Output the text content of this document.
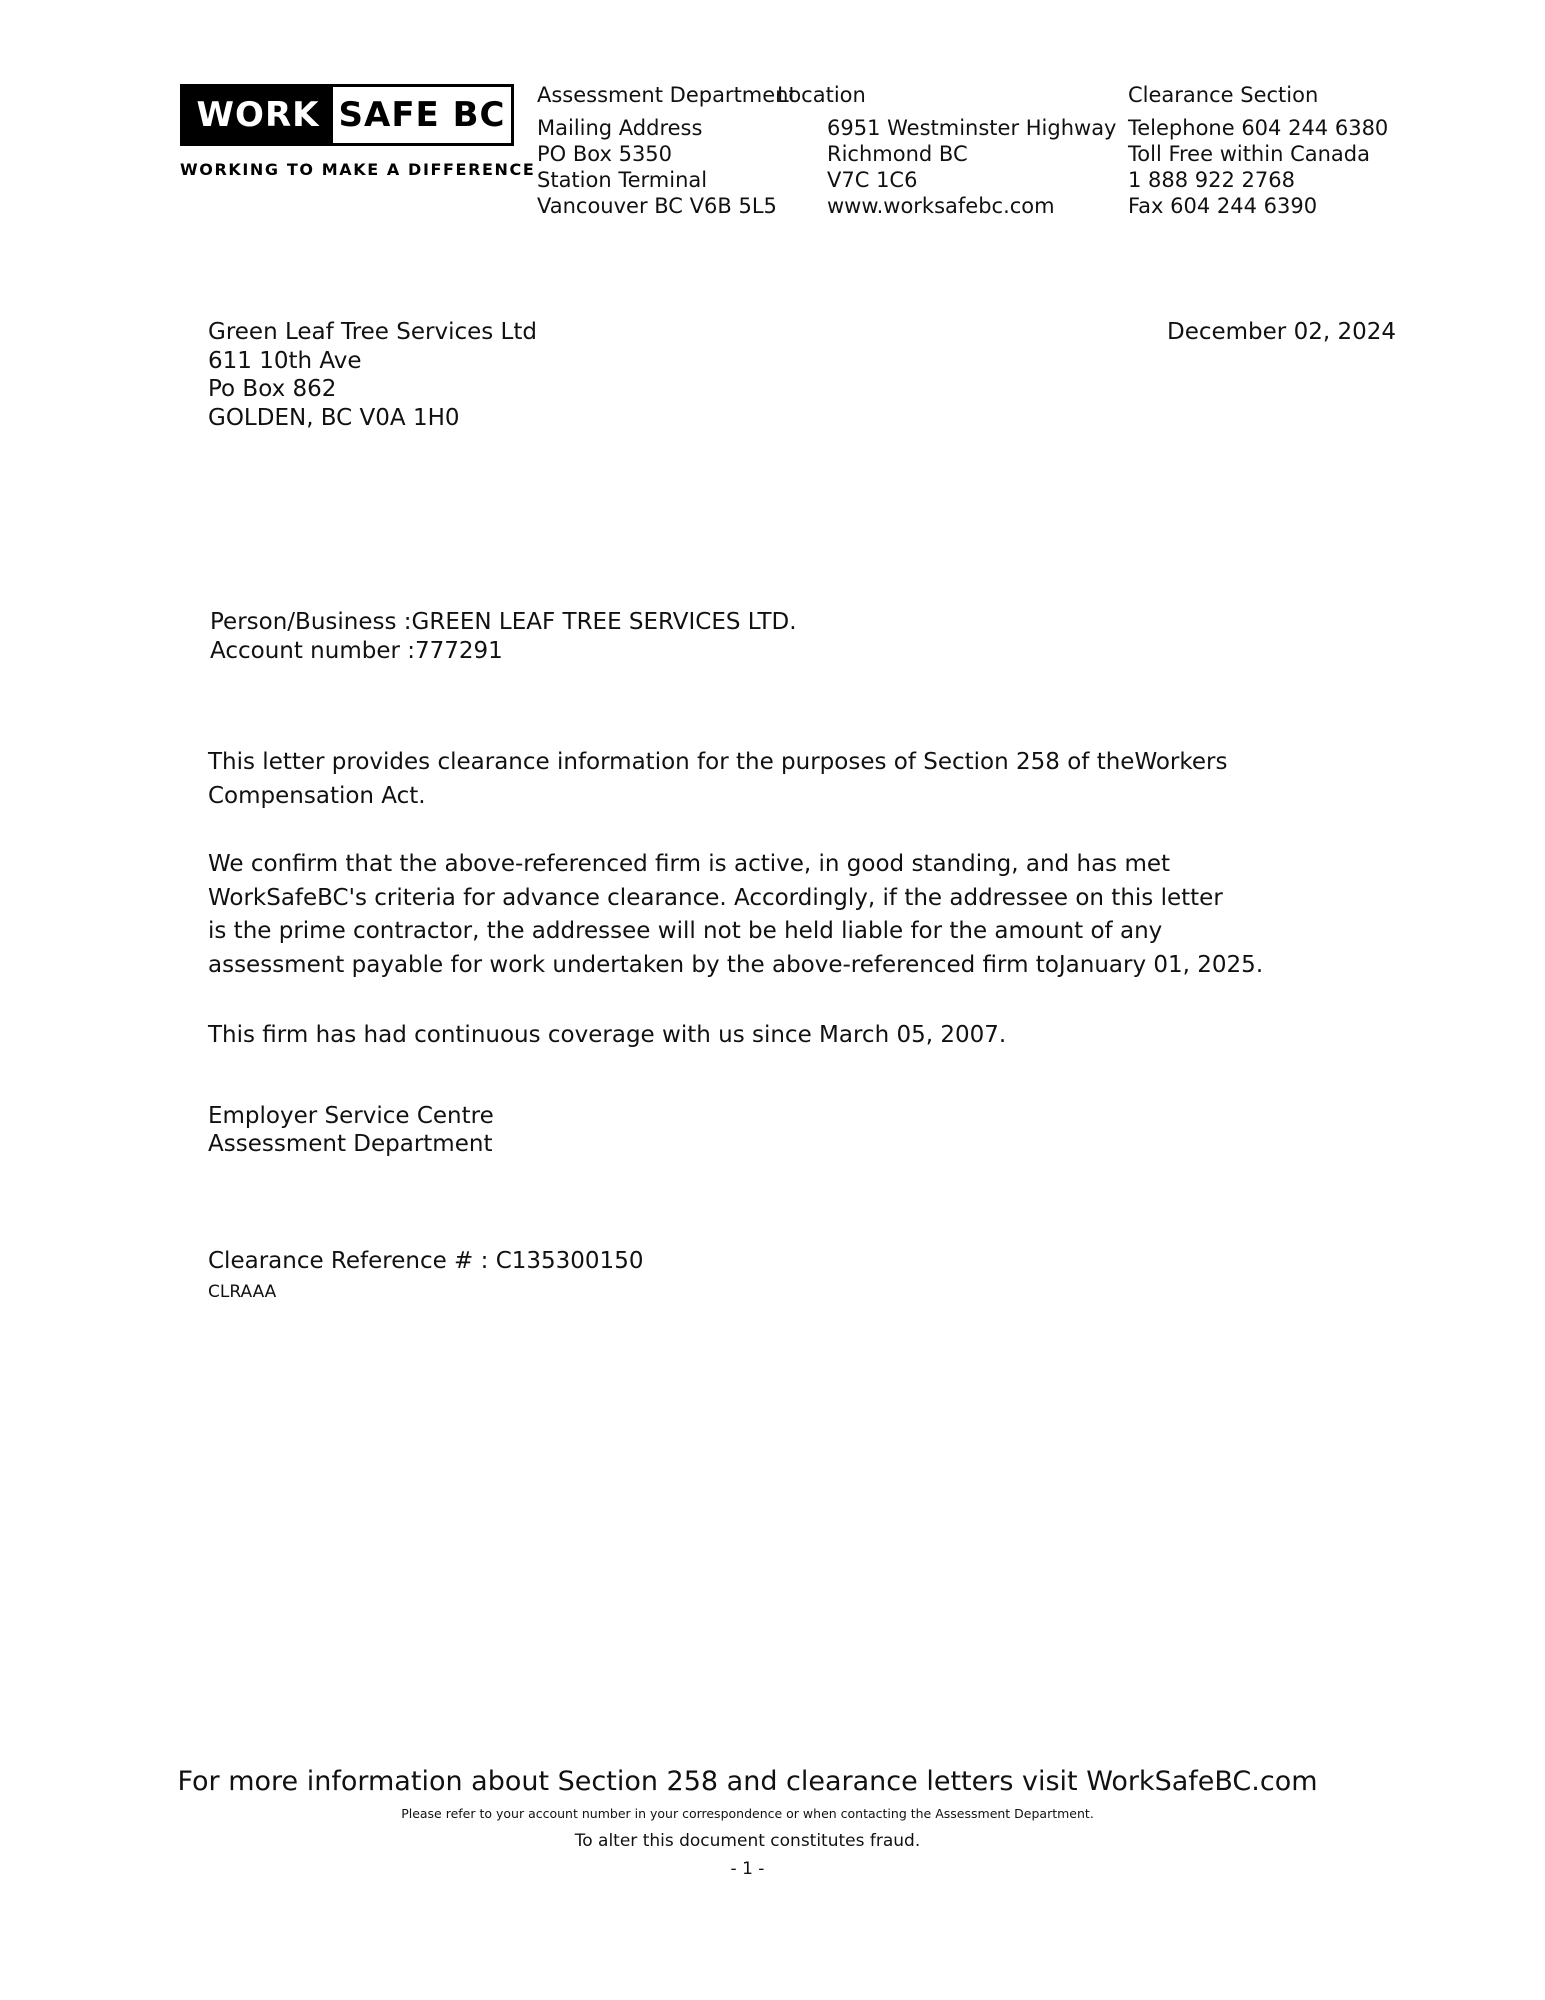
WORK SAFE BC
WORKING TO MAKE A DIFFERENCE
Assessment Department
Location	Clearance Section
Mailing Address
PO Box 5350
Station Terminal
Vancouver BC V6B 5L5
6951 Westminster Highway
Richmond BC
V7C 1C6
www.worksafebc.com
Telephone 604 244 6380
Toll Free within Canada
1 888 922 2768
Fax 604 244 6390
Green Leaf Tree Services Ltd
611 10th Ave
Po Box 862
GOLDEN, BC V0A 1H0
December 02, 2024
Person/Business :GREEN LEAF TREE SERVICES LTD.
Account number :777291
This letter provides clearance information for the purposes of Section 258 of theWorkers
Compensation Act.
We confirm that the above-referenced firm is active, in good standing, and has met
WorkSafeBC's criteria for advance clearance. Accordingly, if the addressee on this letter
is the prime contractor, the addressee will not be held liable for the amount of any
assessment payable for work undertaken by the above-referenced firm toJanuary 01, 2025.
This firm has had continuous coverage with us since March 05, 2007.
Employer Service Centre
Assessment Department
Clearance Reference # : C135300150
CLRAAA
For more information about Section 258 and clearance letters visit WorkSafeBC.com
Please refer to your account number in your correspondence or when contacting the Assessment Department.
To alter this document constitutes fraud.
- 1 -
